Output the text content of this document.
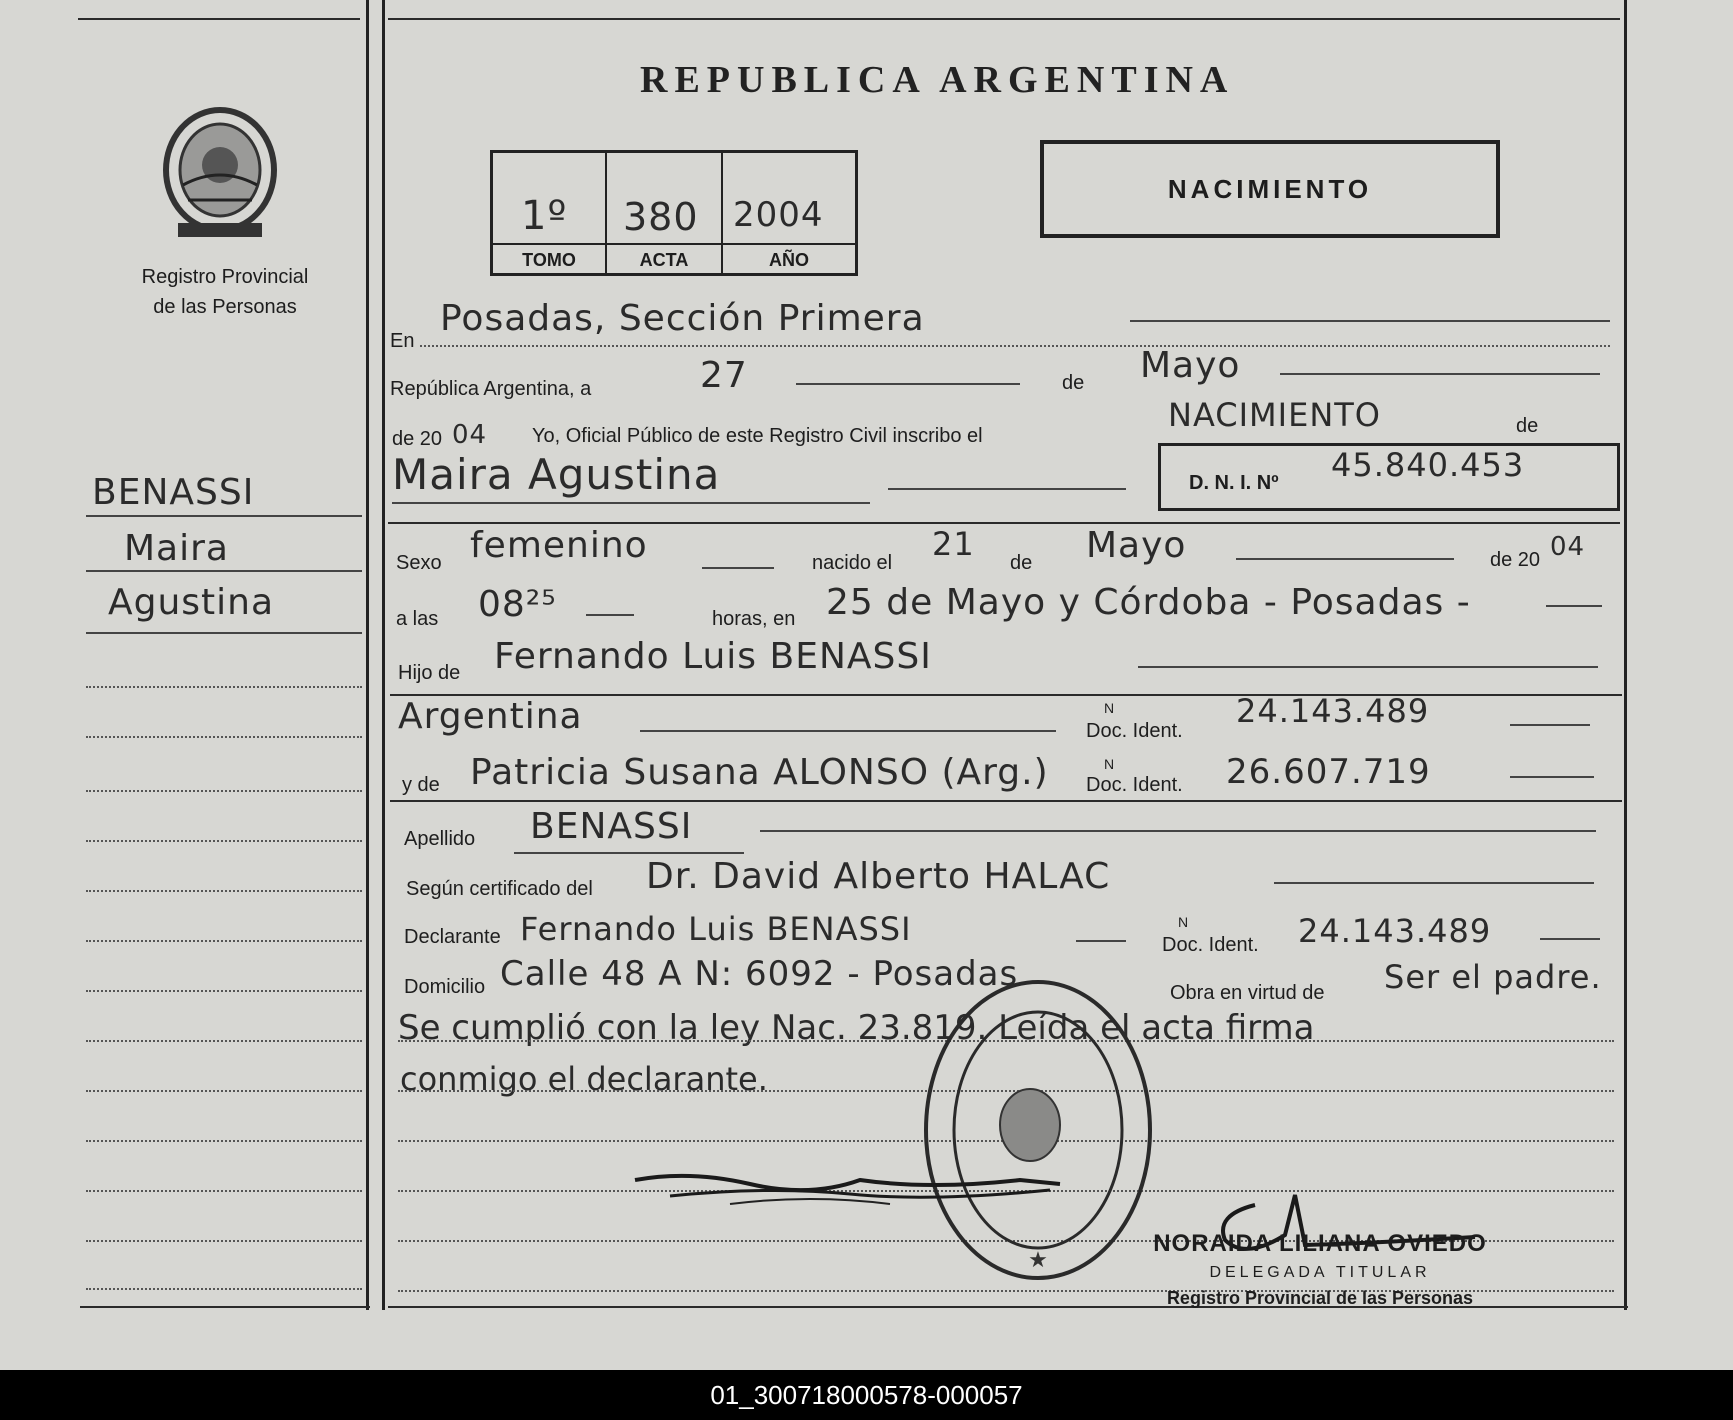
Registro Provincial
de las Personas
BENASSI
Maira
Agustina
REPUBLICA ARGENTINA
1º 380 2004
TOMO	ACTA	AÑO
NACIMIENTO
En
Posadas, Sección Primera
República Argentina, a	27	de Mayo
de 20 04 Yo, Oficial Público de este Registro Civil inscribo el
NACIMIENTO	de
Maira Agustina	D. N. I. Nº 45.840.453
Sexo femenino	nacido el 21 de Mayo	de 20 04
a las 08²⁵	horas, en 25 de Mayo y Córdoba - Posadas -
Hijo de Fernando Luis BENASSI
Argentina	Doc. Ident.
N	24.143.489
y de Patricia Susana ALONSO (Arg.) Doc. Ident.
N	26.607.719
Apellido BENASSI
Según certificado del Dr. David Alberto HALAC
Declarante Fernando Luis BENASSI	Doc. Ident.
N	24.143.489
Domicilio Calle 48 A N: 6092 - Posadas	Obra en virtud de Ser el padre.
Se cumplió con la ley Nac. 23.819. Leída el acta firma
conmigo el declarante.
★
NORAIDA LILIANA OVIEDO
DELEGADA TITULAR
Registro Provincial de las Personas
01_300718000578-000057
